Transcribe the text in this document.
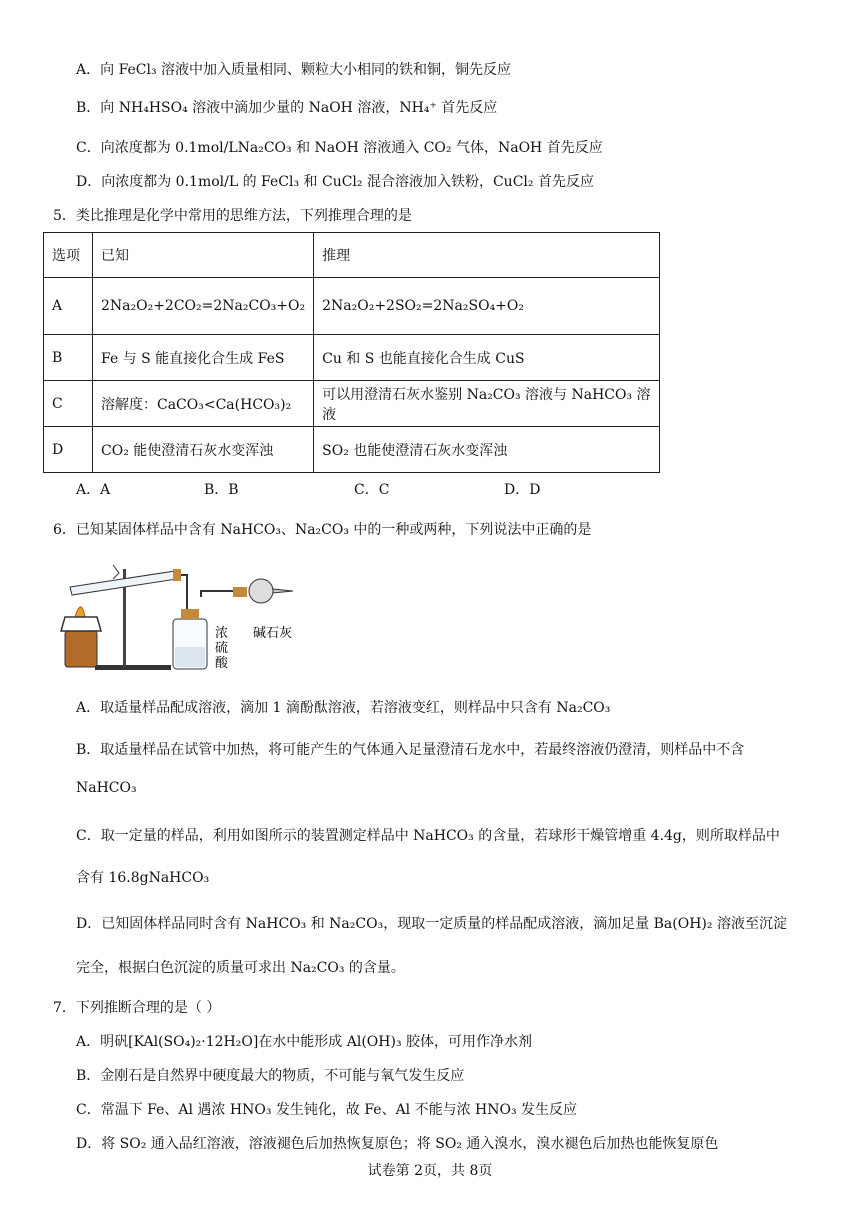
A．向 FeCl₃ 溶液中加入质量相同、颗粒大小相同的铁和铜，铜先反应
B．向 NH₄HSO₄ 溶液中滴加少量的 NaOH 溶液，NH₄⁺ 首先反应
C．向浓度都为 0.1mol/LNa₂CO₃ 和 NaOH 溶液通入 CO₂ 气体，NaOH 首先反应
D．向浓度都为 0.1mol/L 的 FeCl₃ 和 CuCl₂ 混合溶液加入铁粉，CuCl₂ 首先反应
5．类比推理是化学中常用的思维方法，下列推理合理的是
选项	已知	推理
A	2Na₂O₂+2CO₂=2Na₂CO₃+O₂	2Na₂O₂+2SO₂=2Na₂SO₄+O₂
B	Fe 与 S 能直接化合生成 FeS	Cu 和 S 也能直接化合生成 CuS
C	溶解度：CaCO₃<Ca(HCO₃)₂	可以用澄清石灰水鉴别 Na₂CO₃ 溶液与 NaHCO₃ 溶液
D	CO₂ 能使澄清石灰水变浑浊	SO₂ 也能使澄清石灰水变浑浊
A．A	B．B	C．C	D．D
6．已知某固体样品中含有 NaHCO₃、Na₂CO₃ 中的一种或两种，下列说法中正确的是
浓硫酸
碱石灰
A．取适量样品配成溶液，滴加 1 滴酚酞溶液，若溶液变红，则样品中只含有 Na₂CO₃
B．取适量样品在试管中加热，将可能产生的气体通入足量澄清石龙水中，若最终溶液仍澄清，则样品中不含
NaHCO₃
C．取一定量的样品，利用如图所示的装置测定样品中 NaHCO₃ 的含量，若球形干燥管增重 4.4g，则所取样品中
含有 16.8gNaHCO₃
D．已知固体样品同时含有 NaHCO₃ 和 Na₂CO₃，现取一定质量的样品配成溶液，滴加足量 Ba(OH)₂ 溶液至沉淀
完全，根据白色沉淀的质量可求出 Na₂CO₃ 的含量。
7．下列推断合理的是（ ）
A．明矾[KAl(SO₄)₂·12H₂O]在水中能形成 Al(OH)₃ 胶体，可用作净水剂
B．金刚石是自然界中硬度最大的物质，不可能与氧气发生反应
C．常温下 Fe、Al 遇浓 HNO₃ 发生钝化，故 Fe、Al 不能与浓 HNO₃ 发生反应
D．将 SO₂ 通入品红溶液，溶液褪色后加热恢复原色；将 SO₂ 通入溴水，溴水褪色后加热也能恢复原色
试卷第 2页，共 8页
